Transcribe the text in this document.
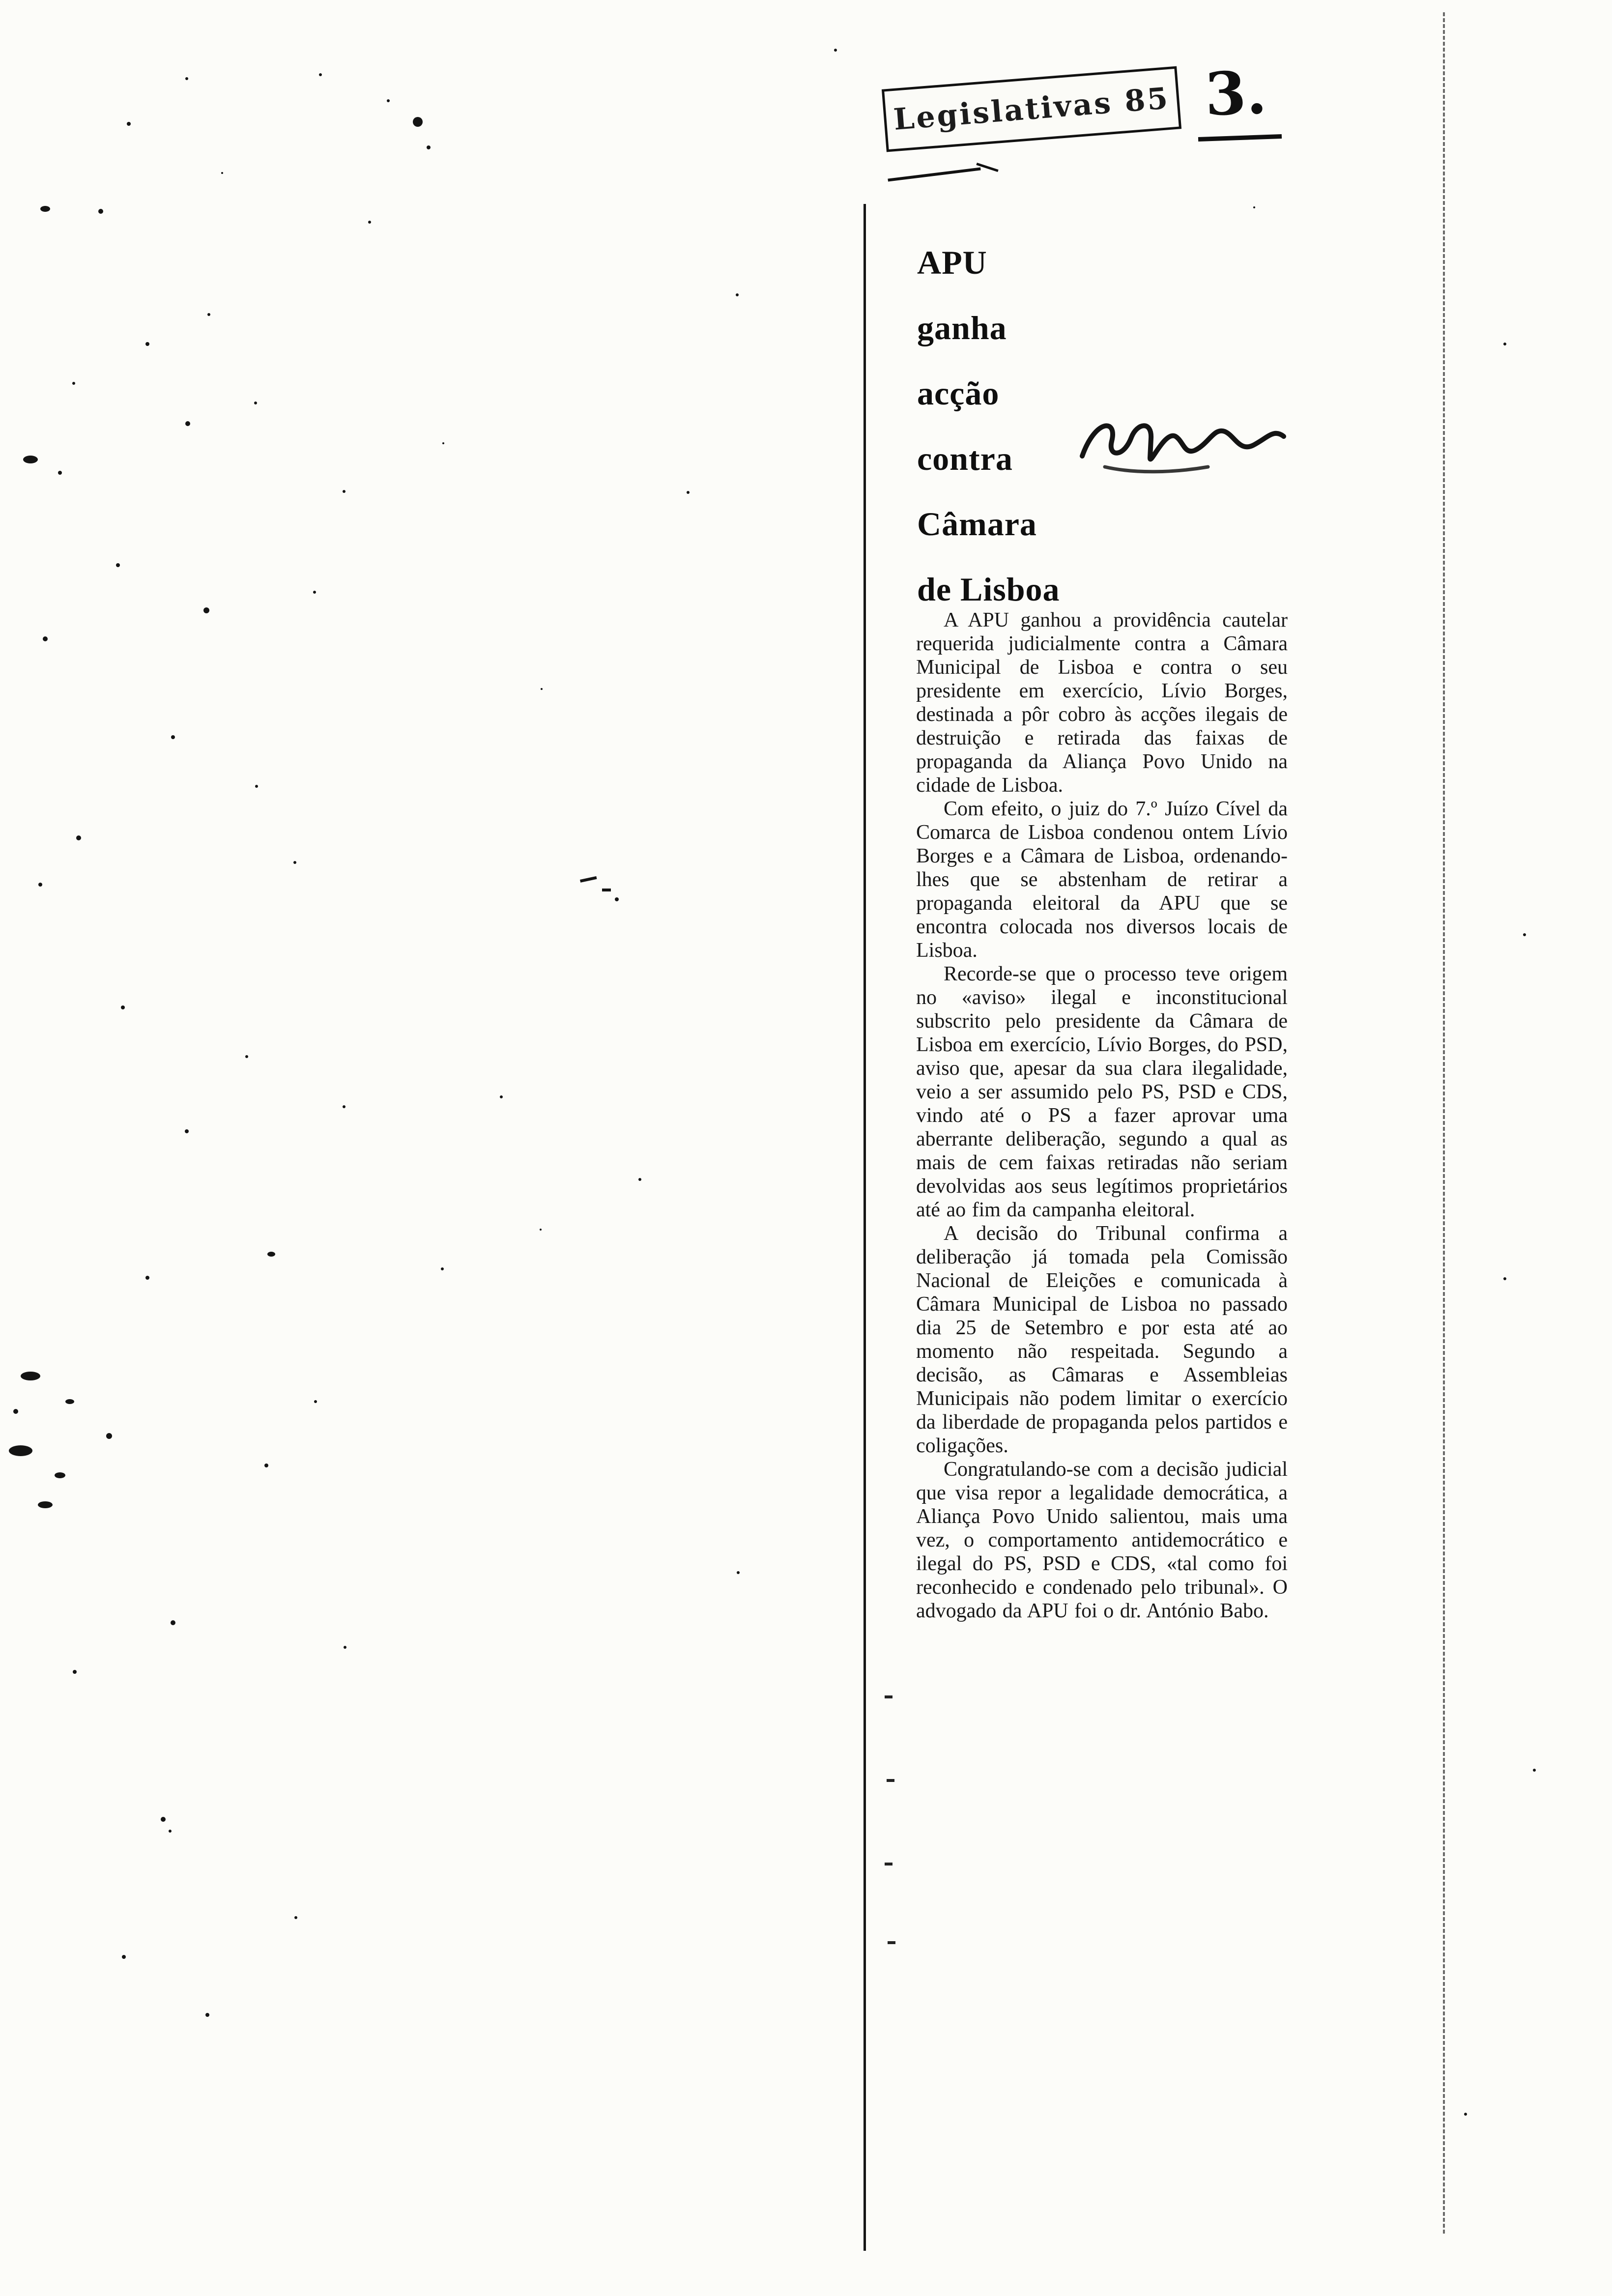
Legislativas 85 3.
APU
ganha
acção
contra
Câmara
de Lisboa

A APU ganhou a providência cautelar requerida judicialmente contra a Câmara Municipal de Lisboa e contra o seu presidente em exercício, Lívio Borges, destinada a pôr cobro às acções ilegais de destruição e retirada das faixas de propaganda da Aliança Povo Unido na cidade de Lisboa.

Com efeito, o juiz do 7.º Juízo Cível da Comarca de Lisboa condenou ontem Lívio Borges e a Câmara de Lisboa, ordenando-lhes que se abstenham de retirar a propaganda eleitoral da APU que se encontra colocada nos diversos locais de Lisboa.

Recorde-se que o processo teve origem no «aviso» ilegal e inconstitucional subscrito pelo presidente da Câmara de Lisboa em exercício, Lívio Borges, do PSD, aviso que, apesar da sua clara ilegalidade, veio a ser assumido pelo PS, PSD e CDS, vindo até o PS a fazer aprovar uma aberrante deliberação, segundo a qual as mais de cem faixas retiradas não seriam devolvidas aos seus legítimos proprietários até ao fim da campanha eleitoral.

A decisão do Tribunal confirma a deliberação já tomada pela Comissão Nacional de Eleições e comunicada à Câmara Municipal de Lisboa no passado dia 25 de Setembro e por esta até ao momento não respeitada. Segundo a decisão, as Câmaras e Assembleias Municipais não podem limitar o exercício da liberdade de propaganda pelos partidos e coligações.

Congratulando-se com a decisão judicial que visa repor a legalidade democrática, a Aliança Povo Unido salientou, mais uma vez, o comportamento antidemocrático e ilegal do PS, PSD e CDS, «tal como foi reconhecido e condenado pelo tribunal». O advogado da APU foi o dr. António Babo.
